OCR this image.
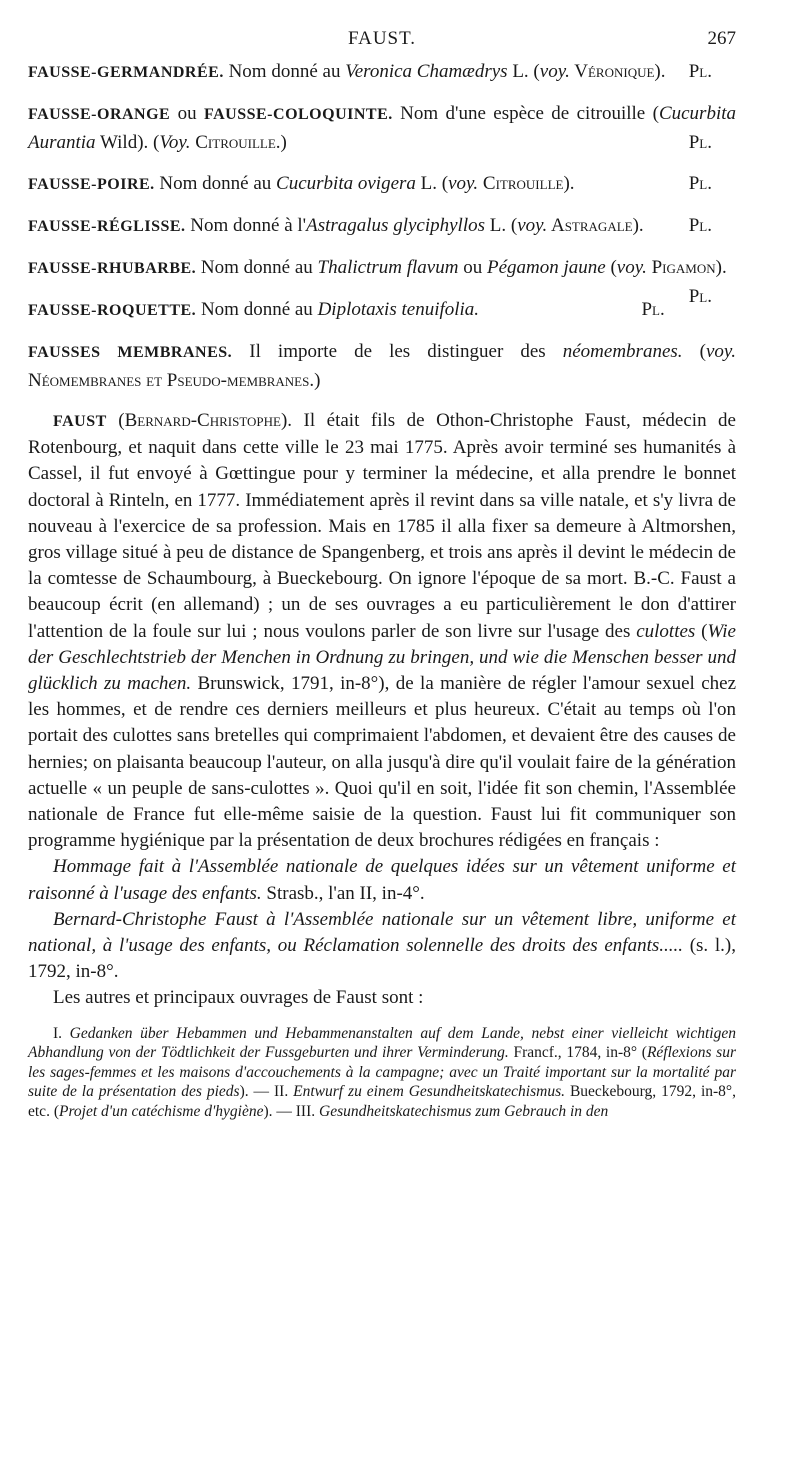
FAUST.	267

FAUSSE-GERMANDRÉE. Nom donné au Veronica Chamædrys L. (voy. Véronique). Pl.

FAUSSE-ORANGE ou FAUSSE-COLOQUINTE. Nom d'une espèce de citrouille (Cucurbita Aurantia Wild). (Voy. Citrouille.)	Pl.

FAUSSE-POIRE. Nom donné au Cucurbita ovigera L. (voy. Citrouille).	Pl.

FAUSSE-RÉGLISSE. Nom donné à l'Astragalus glyciphyllos L. (voy. Astragale). Pl.

FAUSSE-RHUBARBE. Nom donné au Thalictrum flavum ou Pégamon jaune (voy. Pigamon).
Pl.

FAUSSE-ROQUETTE. Nom donné au Diplotaxis tenuifolia.	Pl.

FAUSSES MEMBRANES. Il importe de les distinguer des néomembranes. (voy. Néomembranes et Pseudo-membranes.)

FAUST (Bernard-Christophe). Il était fils de Othon-Christophe Faust, médecin de Rotenbourg, et naquit dans cette ville le 23 mai 1775. Après avoir terminé ses humanités à Cassel, il fut envoyé à Gœttingue pour y terminer la médecine, et alla prendre le bonnet doctoral à Rinteln, en 1777. Immédiatement après il revint dans sa ville natale, et s'y livra de nouveau à l'exercice de sa profession. Mais en 1785 il alla fixer sa demeure à Altmorshen, gros village situé à peu de distance de Spangenberg, et trois ans après il devint le médecin de la comtesse de Schaumbourg, à Bueckebourg. On ignore l'époque de sa mort. B.-C. Faust a beaucoup écrit (en allemand) ; un de ses ouvrages a eu particulièrement le don d'attirer l'attention de la foule sur lui ; nous voulons parler de son livre sur l'usage des culottes (Wie der Geschlechtstrieb der Menchen in Ordnung zu bringen, und wie die Menschen besser und glücklich zu machen. Brunswick, 1791, in-8°), de la manière de régler l'amour sexuel chez les hommes, et de rendre ces derniers meilleurs et plus heureux. C'était au temps où l'on portait des culottes sans bretelles qui comprimaient l'abdomen, et devaient être des causes de hernies; on plaisanta beaucoup l'auteur, on alla jusqu'à dire qu'il voulait faire de la génération actuelle « un peuple de sans-culottes ». Quoi qu'il en soit, l'idée fit son chemin, l'Assemblée nationale de France fut elle-même saisie de la question. Faust lui fit communiquer son programme hygiénique par la présentation de deux brochures rédigées en français :

Hommage fait à l'Assemblée nationale de quelques idées sur un vêtement uniforme et raisonné à l'usage des enfants. Strasb., l'an II, in-4°.

Bernard-Christophe Faust à l'Assemblée nationale sur un vêtement libre, uniforme et national, à l'usage des enfants, ou Réclamation solennelle des droits des enfants..... (s. l.), 1792, in-8°.

Les autres et principaux ouvrages de Faust sont :

I. Gedanken über Hebammen und Hebammenanstalten auf dem Lande, nebst einer vielleicht wichtigen Abhandlung von der Tödtlichkeit der Fussgeburten und ihrer Verminderung. Francf., 1784, in-8° (Réflexions sur les sages-femmes et les maisons d'accouchements à la campagne; avec un Traité important sur la mortalité par suite de la présentation des pieds). — II. Entwurf zu einem Gesundheitskatechismus. Bueckebourg, 1792, in-8°, etc. (Projet d'un catéchisme d'hygiène). — III. Gesundheitskatechismus zum Gebrauch in den
